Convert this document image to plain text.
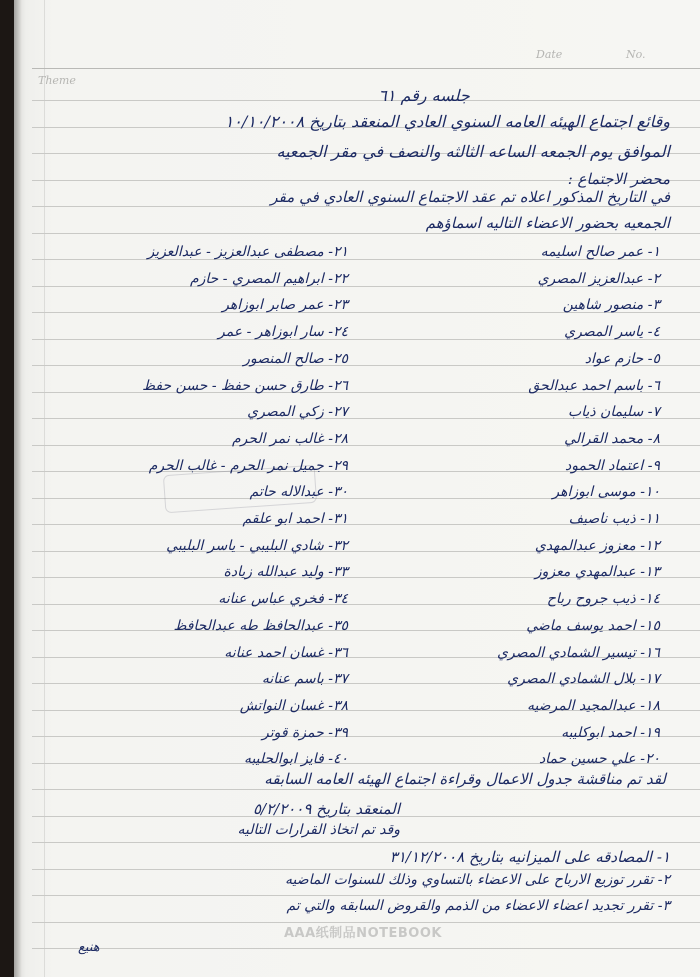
Theme
Date	No.
جلسه رقم ٦١
وقائع اجتماع الهيئه العامه السنوي العادي المنعقد بتاريخ ١٠/١٠/٢٠٠٨
الموافق يوم الجمعه الساعه الثالثه والنصف في مقر الجمعيه
محضر الاجتماع :
في التاريخ المذكور اعلاه تم عقد الاجتماع السنوي العادي في مقر
الجمعيه بحضور الاعضاء التاليه اسماؤهم
١- عمر صالح اسليمه
٢- عبدالعزيز المصري
٣- منصور شاهين
٤- ياسر المصري
٥- حازم عواد
٦- باسم احمد عبدالحق
٧- سليمان ذياب
٨- محمد القرالي
٩- اعتماد الحمود
١٠- موسى ابوزاهر
١١- ذيب ناصيف
١٢- معزوز عبدالمهدي
١٣- عبدالمهدي معزوز
١٤- ذيب جروح رباح
١٥- احمد يوسف ماضي
١٦- تيسير الشمادي المصري
١٧- بلال الشمادي المصري
١٨- عبدالمجيد المرضيه
١٩- احمد ابوكليبه
٢٠- علي حسين حماد
٢١- مصطفى عبدالعزيز - عبدالعزيز
٢٢- ابراهيم المصري - حازم
٢٣- عمر صابر ابوزاهر
٢٤- سار ابوزاهر - عمر
٢٥- صالح المنصور
٢٦- طارق حسن حفظ - حسن حفظ
٢٧- زكي المصري
٢٨- غالب نمر الحرم
٢٩- جميل نمر الحرم - غالب الحرم
٣٠- عبدالاله حاتم
٣١- احمد ابو علقم
٣٢- شادي البليبي - ياسر البليبي
٣٣- وليد عبدالله زيادة
٣٤- فخري عباس عنانه
٣٥- عبدالحافظ طه عبدالحافظ
٣٦- غسان احمد عنانه
٣٧- باسم عنانه
٣٨- غسان النواتش
٣٩- حمزة قوتر
٤٠- فايز ابوالحليبه
لقد تم مناقشة جدول الاعمال وقراءة اجتماع الهيئه العامه السابقه
المنعقد بتاريخ ٥/٢/٢٠٠٩
وقد تم اتخاذ القرارات التاليه
١- المصادقه على الميزانيه بتاريخ ٣١/١٢/٢٠٠٨
٢- تقرر توزيع الارباح على الاعضاء بالتساوي وذلك للسنوات الماضيه
٣- تقرر تجديد اعضاء الاعضاء من الذمم والقروض السابقه والتي تم
AAA纸制品NOTEBOOK
هنيع
